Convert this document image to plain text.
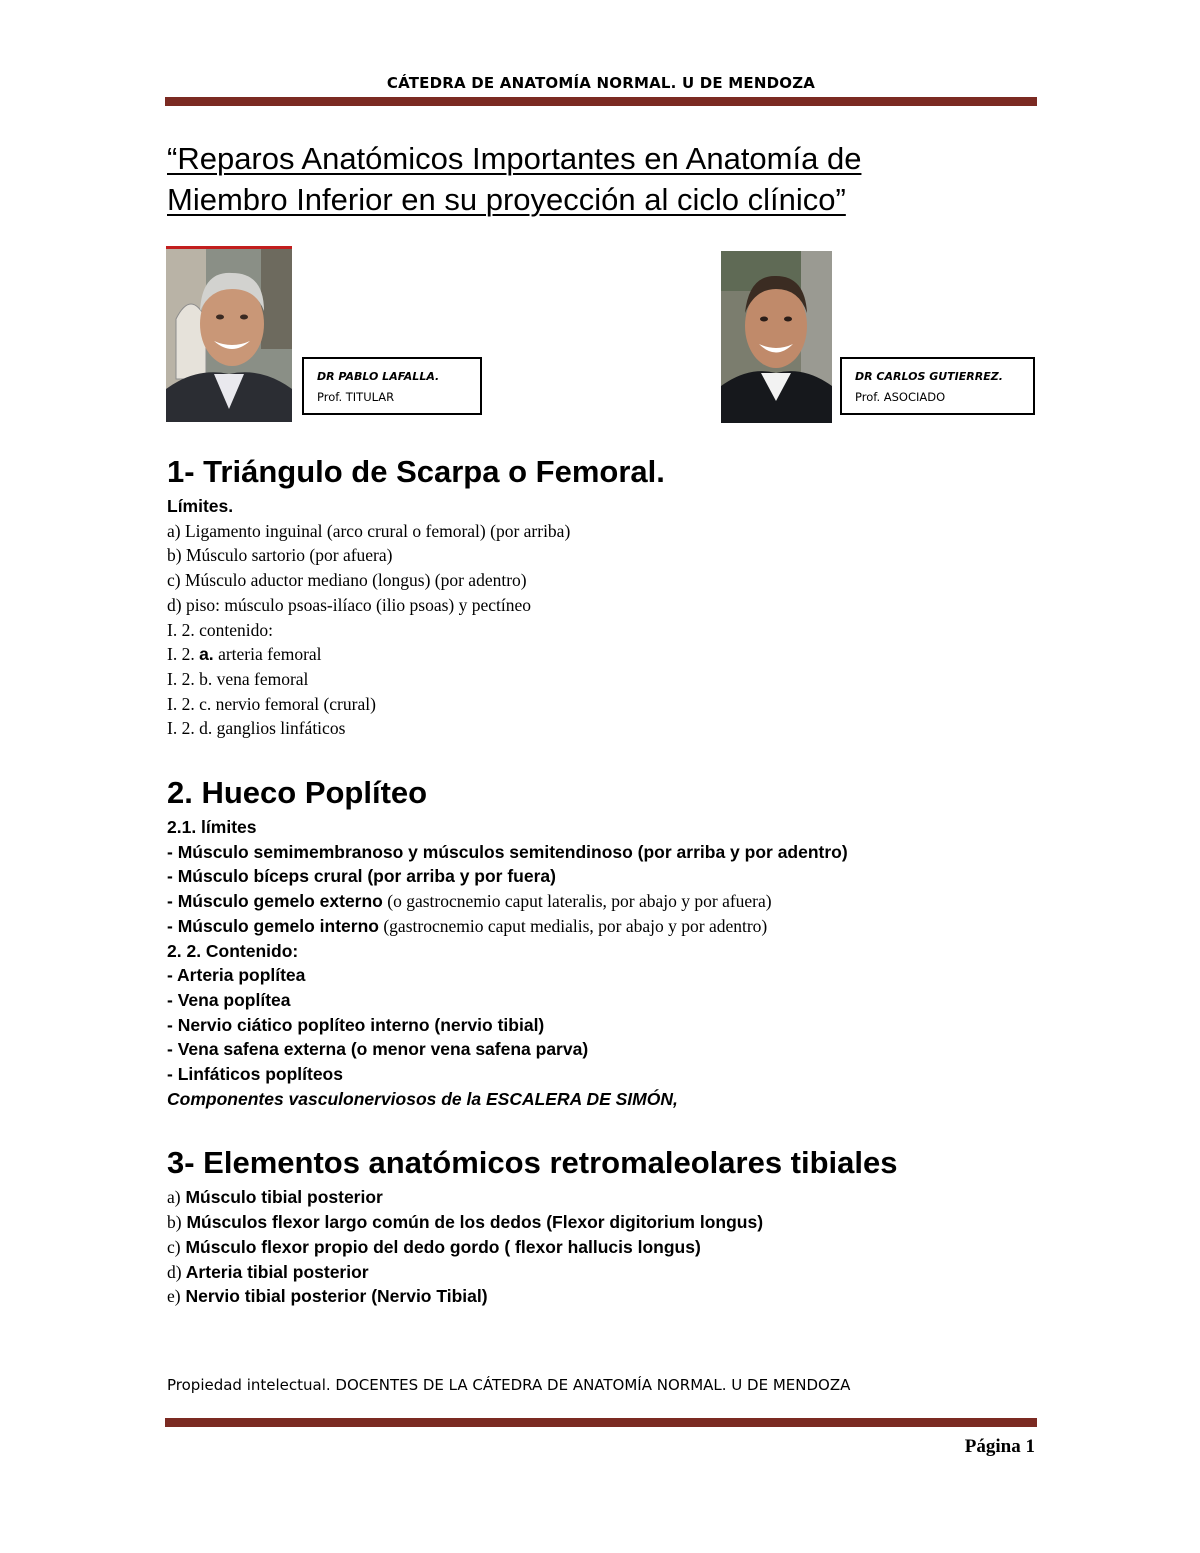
CÁTEDRA DE ANATOMÍA NORMAL. U DE MENDOZA
“Reparos Anatómicos Importantes en Anatomía de
Miembro Inferior en su proyección al ciclo clínico”
DR PABLO LAFALLA.
Prof. TITULAR
DR CARLOS GUTIERREZ.
Prof. ASOCIADO
1- Triángulo de Scarpa o Femoral.
Límites.
a) Ligamento inguinal (arco crural o femoral) (por arriba)
b) Músculo sartorio (por afuera)
c) Músculo aductor mediano (longus) (por adentro)
d) piso: músculo psoas-ilíaco (ilio psoas) y pectíneo
I. 2. contenido:
I. 2. a. arteria femoral
I. 2. b. vena femoral
I. 2. c. nervio femoral (crural)
I. 2. d. ganglios linfáticos
2. Hueco Poplíteo
2.1. límites
- Músculo semimembranoso y músculos semitendinoso (por arriba y por adentro)
- Músculo bíceps crural (por arriba y por fuera)
- Músculo gemelo externo (o gastrocnemio caput lateralis, por abajo y por afuera)
- Músculo gemelo interno (gastrocnemio caput medialis, por abajo y por adentro)
2. 2. Contenido:
- Arteria poplítea
- Vena poplítea
- Nervio ciático poplíteo interno (nervio tibial)
- Vena safena externa (o menor vena safena parva)
- Linfáticos poplíteos
Componentes vasculonerviosos de la ESCALERA DE SIMÓN,
3- Elementos anatómicos retromaleolares tibiales
a) Músculo tibial posterior
b) Músculos flexor largo común de los dedos (Flexor digitorium longus)
c) Músculo flexor propio del dedo gordo ( flexor hallucis longus)
d) Arteria tibial posterior
e) Nervio tibial posterior (Nervio Tibial)
Propiedad intelectual. DOCENTES DE LA CÁTEDRA DE ANATOMÍA NORMAL. U DE MENDOZA
Página 1
